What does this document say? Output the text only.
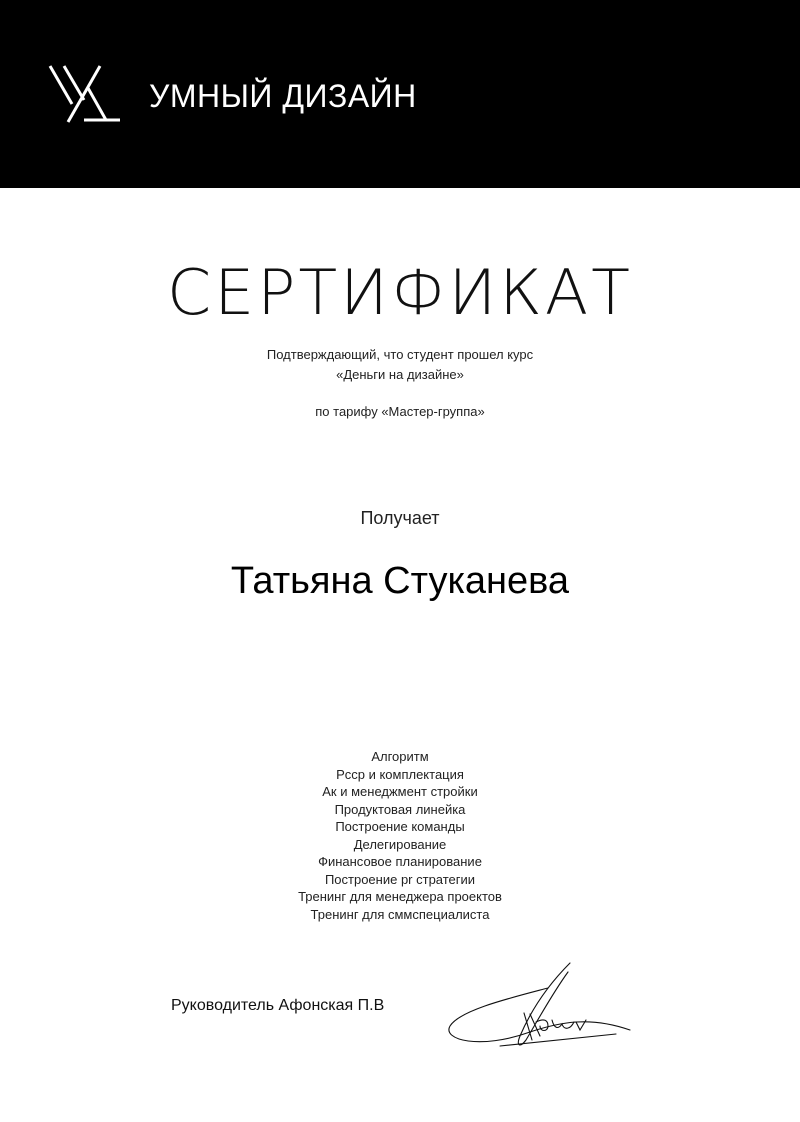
УМНЫЙ ДИЗАЙН
СЕРТИФИКАТ
Подтверждающий, что студент прошел курс
«Деньги на дизайне»
по тарифу «Мастер-группа»
Получает
Татьяна Стуканева
Алгоритм
Рсср и комплектация
Ак и менеджмент стройки
Продуктовая линейка
Построение команды
Делегирование
Финансовое планирование
Построение pr стратегии
Тренинг для менеджера проектов
Тренинг для сммспециалиста
Руководитель Афонская П.В
